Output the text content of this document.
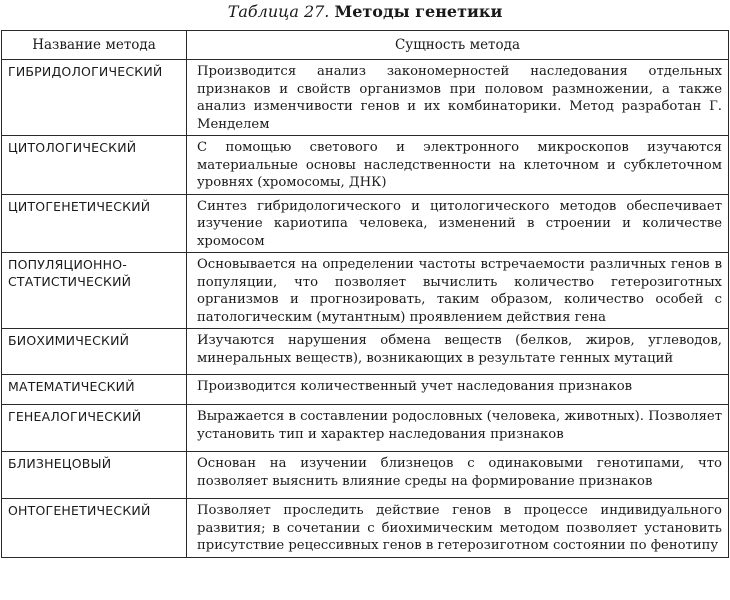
Таблица 27. Методы генетики
Название метода	Сущность метода
ГИБРИДОЛОГИЧЕСКИЙ	Производится анализ закономерностей наследования отдельных признаков и свойств организмов при половом размножении, а также анализ изменчивости генов и их комбинаторики. Метод разработан Г. Менделем
ЦИТОЛОГИЧЕСКИЙ	С помощью светового и электронного микроскопов изучаются материальные основы наследственности на клеточном и субклеточном уровнях (хромосомы, ДНК)
ЦИТОГЕНЕТИЧЕСКИЙ	Синтез гибридологического и цитологического методов обеспечивает изучение кариотипа человека, изменений в строении и количестве хромосом
ПОПУЛЯЦИОННО-СТАТИСТИЧЕСКИЙ	Основывается на определении частоты встречаемости различных генов в популяции, что позволяет вычислить количество гетерозиготных организмов и прогнозировать, таким образом, количество особей с патологическим (мутантным) проявлением действия гена
БИОХИМИЧЕСКИЙ	Изучаются нарушения обмена веществ (белков, жиров, углеводов, минеральных веществ), возникающих в результате генных мутаций
МАТЕМАТИЧЕСКИЙ	Производится количественный учет наследования признаков
ГЕНЕАЛОГИЧЕСКИЙ	Выражается в составлении родословных (человека, животных). Позволяет установить тип и характер наследования признаков
БЛИЗНЕЦОВЫЙ	Основан на изучении близнецов с одинаковыми генотипами, что позволяет выяснить влияние среды на формирование признаков
ОНТОГЕНЕТИЧЕСКИЙ	Позволяет проследить действие генов в процессе индивидуального развития; в сочетании с биохимическим методом позволяет установить присутствие рецессивных генов в гетерозиготном состоянии по фенотипу
